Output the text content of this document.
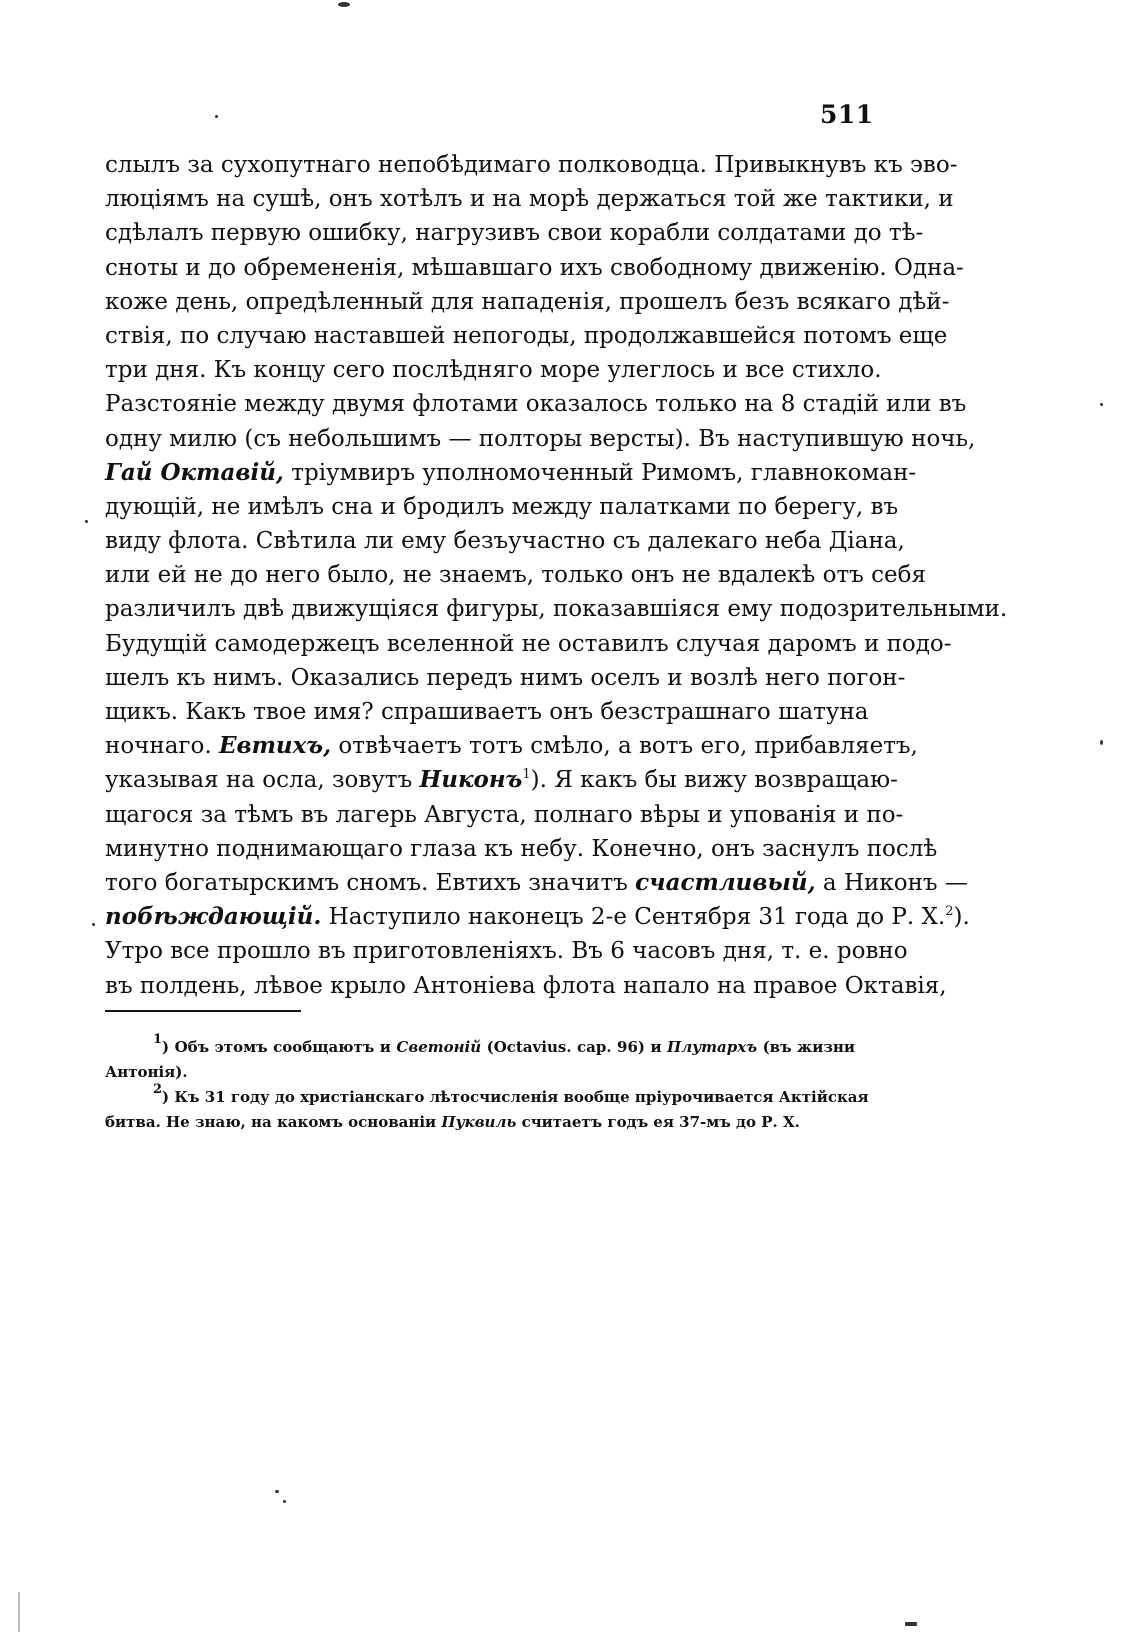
511
слылъ за сухопутнаго непобѣдимаго полководца. Привыкнувъ къ эво-
люціямъ на сушѣ, онъ хотѣлъ и на морѣ держаться той же тактики, и
сдѣлалъ первую ошибку, нагрузивъ свои корабли солдатами до тѣ-
сноты и до обремененія, мѣшавшаго ихъ свободному движенію. Одна-
коже день, опредѣленный для нападенія, прошелъ безъ всякаго дѣй-
ствія, по случаю наставшей непогоды, продолжавшейся потомъ еще
три дня. Къ концу сего послѣдняго море улеглось и все стихло.
Разстояніе между двумя флотами оказалось только на 8 стадій или въ
одну милю (съ небольшимъ — полторы версты). Въ наступившую ночь,
Гай Октавій, тріумвиръ уполномоченный Римомъ, главнокоман-
дующій, не имѣлъ сна и бродилъ между палатками по берегу, въ
виду флота. Свѣтила ли ему безъучастно съ далекаго неба Діана,
или ей не до него было, не знаемъ, только онъ не вдалекѣ отъ себя
различилъ двѣ движущіяся фигуры, показавшіяся ему подозрительными.
Будущій самодержецъ вселенной не оставилъ случая даромъ и подо-
шелъ къ нимъ. Оказались передъ нимъ оселъ и возлѣ него погон-
щикъ. Какъ твое имя? спрашиваетъ онъ безстрашнаго шатуна
ночнаго. Евтихъ, отвѣчаетъ тотъ смѣло, а вотъ его, прибавляетъ,
указывая на осла, зовутъ Никонъ$^1$). Я какъ бы вижу возвращаю-
щагося за тѣмъ въ лагерь Августа, полнаго вѣры и упованія и по-
минутно поднимающаго глаза къ небу. Конечно, онъ заснулъ послѣ
того богатырскимъ сномъ. Евтихъ значитъ счастливый, а Никонъ —
побѣждающій. Наступило наконецъ 2-е Сентября 31 года до Р. Х.$^2$).
Утро все прошло въ приготовленіяхъ. Въ 6 часовъ дня, т. е. ровно
въ полдень, лѣвое крыло Антоніева флота напало на правое Октавія,
$^1$) Объ этомъ сообщаютъ и Светоній (Octavius. cap. 96) и Плутархъ (въ жизни
Антонія).
$^2$) Къ 31 году до христіанскаго лѣтосчисленія вообще пріурочивается Актійская
битва. Не знаю, на какомъ основаніи Пуквиль считаетъ годъ ея 37-мъ до Р. Х.
